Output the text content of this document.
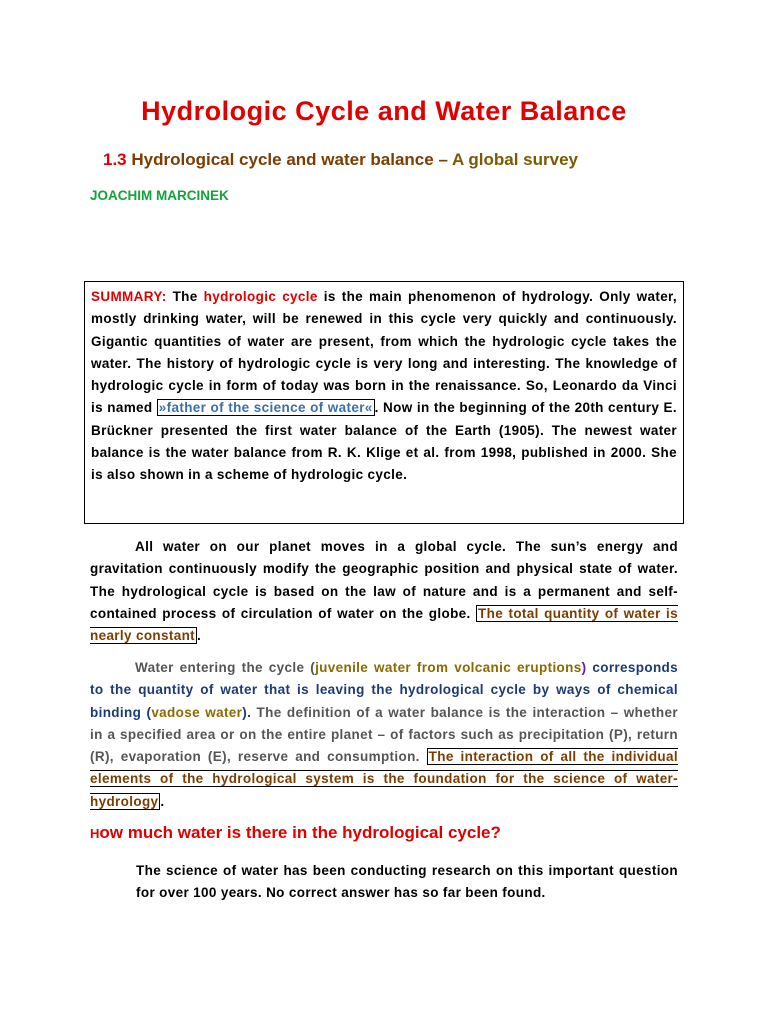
Hydrologic Cycle and Water Balance
1.3 Hydrological cycle and water balance – A global survey
JOACHIM MARCINEK
SUMMARY: The hydrologic cycle is the main phenomenon of hydrology. Only water, mostly drinking water, will be renewed in this cycle very quickly and continuously. Gigantic quantities of water are present, from which the hydrologic cycle takes the water. The history of hydrologic cycle is very long and interesting. The knowledge of hydrologic cycle in form of today was born in the renaissance. So, Leonardo da Vinci is named »father of the science of water« . Now in the beginning of the 20th century E. Brückner presented the first water balance of the Earth (1905). The newest water balance is the water balance from R. K. Klige et al. from 1998, published in 2000. She is also shown in a scheme of hydrologic cycle.
All water on our planet moves in a global cycle. The sun’s energy and gravitation continuously modify the geographic position and physical state of water. The hydrological cycle is based on the law of nature and is a permanent and self-contained process of circulation of water on the globe. The total quantity of water is nearly constant .
Water entering the cycle (juvenile water from volcanic eruptions) corresponds to the quantity of water that is leaving the hydrological cycle by ways of chemical binding (vadose water). The definition of a water balance is the interaction – whether in a specified area or on the entire planet – of factors such as precipitation (P), return (R), evaporation (E), reserve and consumption. The interaction of all the individual elements of the hydrological system is the foundation for the science of water-hydrology .
How much water is there in the hydrological cycle?
The science of water has been conducting research on this important question for over 100 years. No correct answer has so far been found.
